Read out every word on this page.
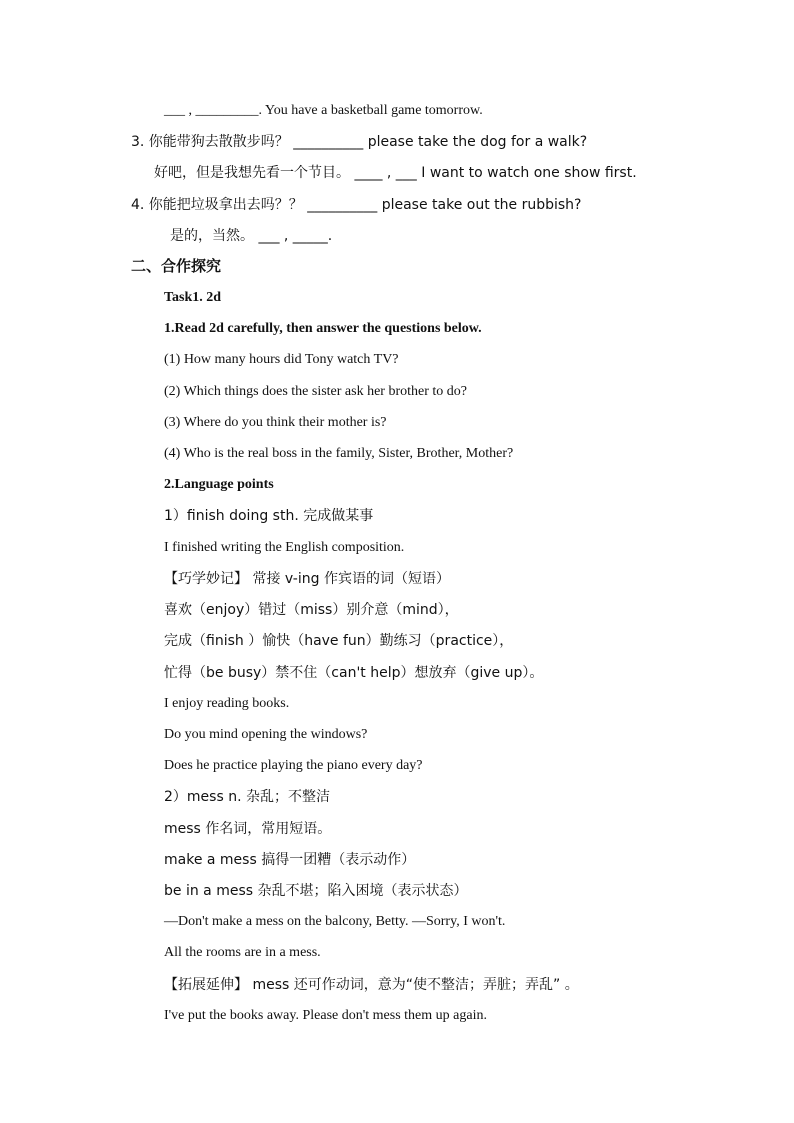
___ , _________. You have a basketball game tomorrow.
3. 你能带狗去散散步吗？ __________ please take the dog for a walk?
好吧，但是我想先看一个节目。 ____ , ___ I want to watch one show first.
4. 你能把垃圾拿出去吗？？ __________ please take out the rubbish?
是的，当然。 ___ , _____.
二、合作探究
Task1. 2d
1.Read 2d carefully, then answer the questions below.
(1) How many hours did Tony watch TV?
(2) Which things does the sister ask her brother to do?
(3) Where do you think their mother is?
(4) Who is the real boss in the family, Sister, Brother, Mother?
2.Language points
1）finish doing sth. 完成做某事
I finished writing the English composition.
【巧学妙记】 常接 v-ing 作宾语的词（短语）
喜欢（enjoy）错过（miss）别介意（mind），
完成（finish ）愉快（have fun）勤练习（practice），
忙得（be busy）禁不住（can't help）想放弃（give up）。
I enjoy reading books.
Do you mind opening the windows?
Does he practice playing the piano every day?
2）mess n. 杂乱；不整洁
mess 作名词，常用短语。
make a mess 搞得一团糟（表示动作）
be in a mess 杂乱不堪；陷入困境（表示状态）
—Don't make a mess on the balcony, Betty. —Sorry, I won't.
All the rooms are in a mess.
【拓展延伸】 mess 还可作动词，意为“使不整洁；弄脏；弄乱” 。
I've put the books away. Please don't mess them up again.
